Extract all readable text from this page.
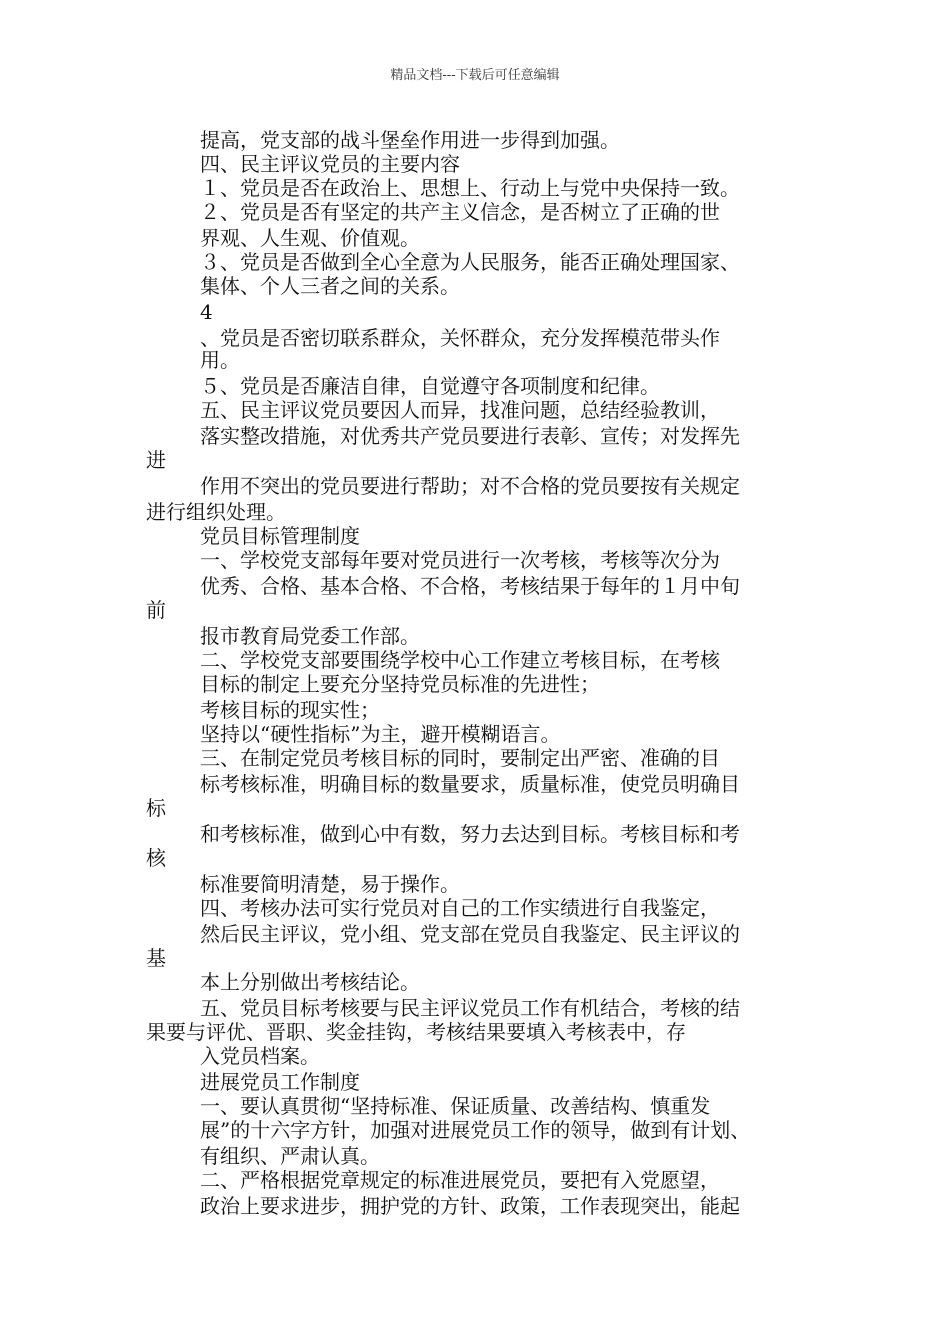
精品文档---下载后可任意编辑
提高，党支部的战斗堡垒作用进一步得到加强。
四、民主评议党员的主要内容
１、党员是否在政治上、思想上、行动上与党中央保持一致。
２、党员是否有坚定的共产主义信念，是否树立了正确的世
界观、人生观、价值观。
３、党员是否做到全心全意为人民服务，能否正确处理国家、
集体、个人三者之间的关系。
4
、党员是否密切联系群众，关怀群众，充分发挥模范带头作
用。
５、党员是否廉洁自律，自觉遵守各项制度和纪律。
五、民主评议党员要因人而异，找准问题，总结经验教训，
落实整改措施，对优秀共产党员要进行表彰、宣传；对发挥先
进
作用不突出的党员要进行帮助；对不合格的党员要按有关规定
进行组织处理。
党员目标管理制度
一、学校党支部每年要对党员进行一次考核，考核等次分为
优秀、合格、基本合格、不合格，考核结果于每年的１月中旬
前
报市教育局党委工作部。
二、学校党支部要围绕学校中心工作建立考核目标，在考核
目标的制定上要充分坚持党员标准的先进性；
考核目标的现实性；
坚持以“硬性指标”为主，避开模糊语言。
三、在制定党员考核目标的同时，要制定出严密、准确的目
标考核标准，明确目标的数量要求，质量标准，使党员明确目
标
和考核标准，做到心中有数，努力去达到目标。考核目标和考
核
标准要简明清楚，易于操作。
四、考核办法可实行党员对自己的工作实绩进行自我鉴定，
然后民主评议，党小组、党支部在党员自我鉴定、民主评议的
基
本上分别做出考核结论。
五、党员目标考核要与民主评议党员工作有机结合，考核的结
果要与评优、晋职、奖金挂钩，考核结果要填入考核表中，存
入党员档案。
进展党员工作制度
一、要认真贯彻“坚持标准、保证质量、改善结构、慎重发
展”的十六字方针，加强对进展党员工作的领导，做到有计划、
有组织、严肃认真。
二、严格根据党章规定的标准进展党员，要把有入党愿望，
政治上要求进步，拥护党的方针、政策，工作表现突出，能起
